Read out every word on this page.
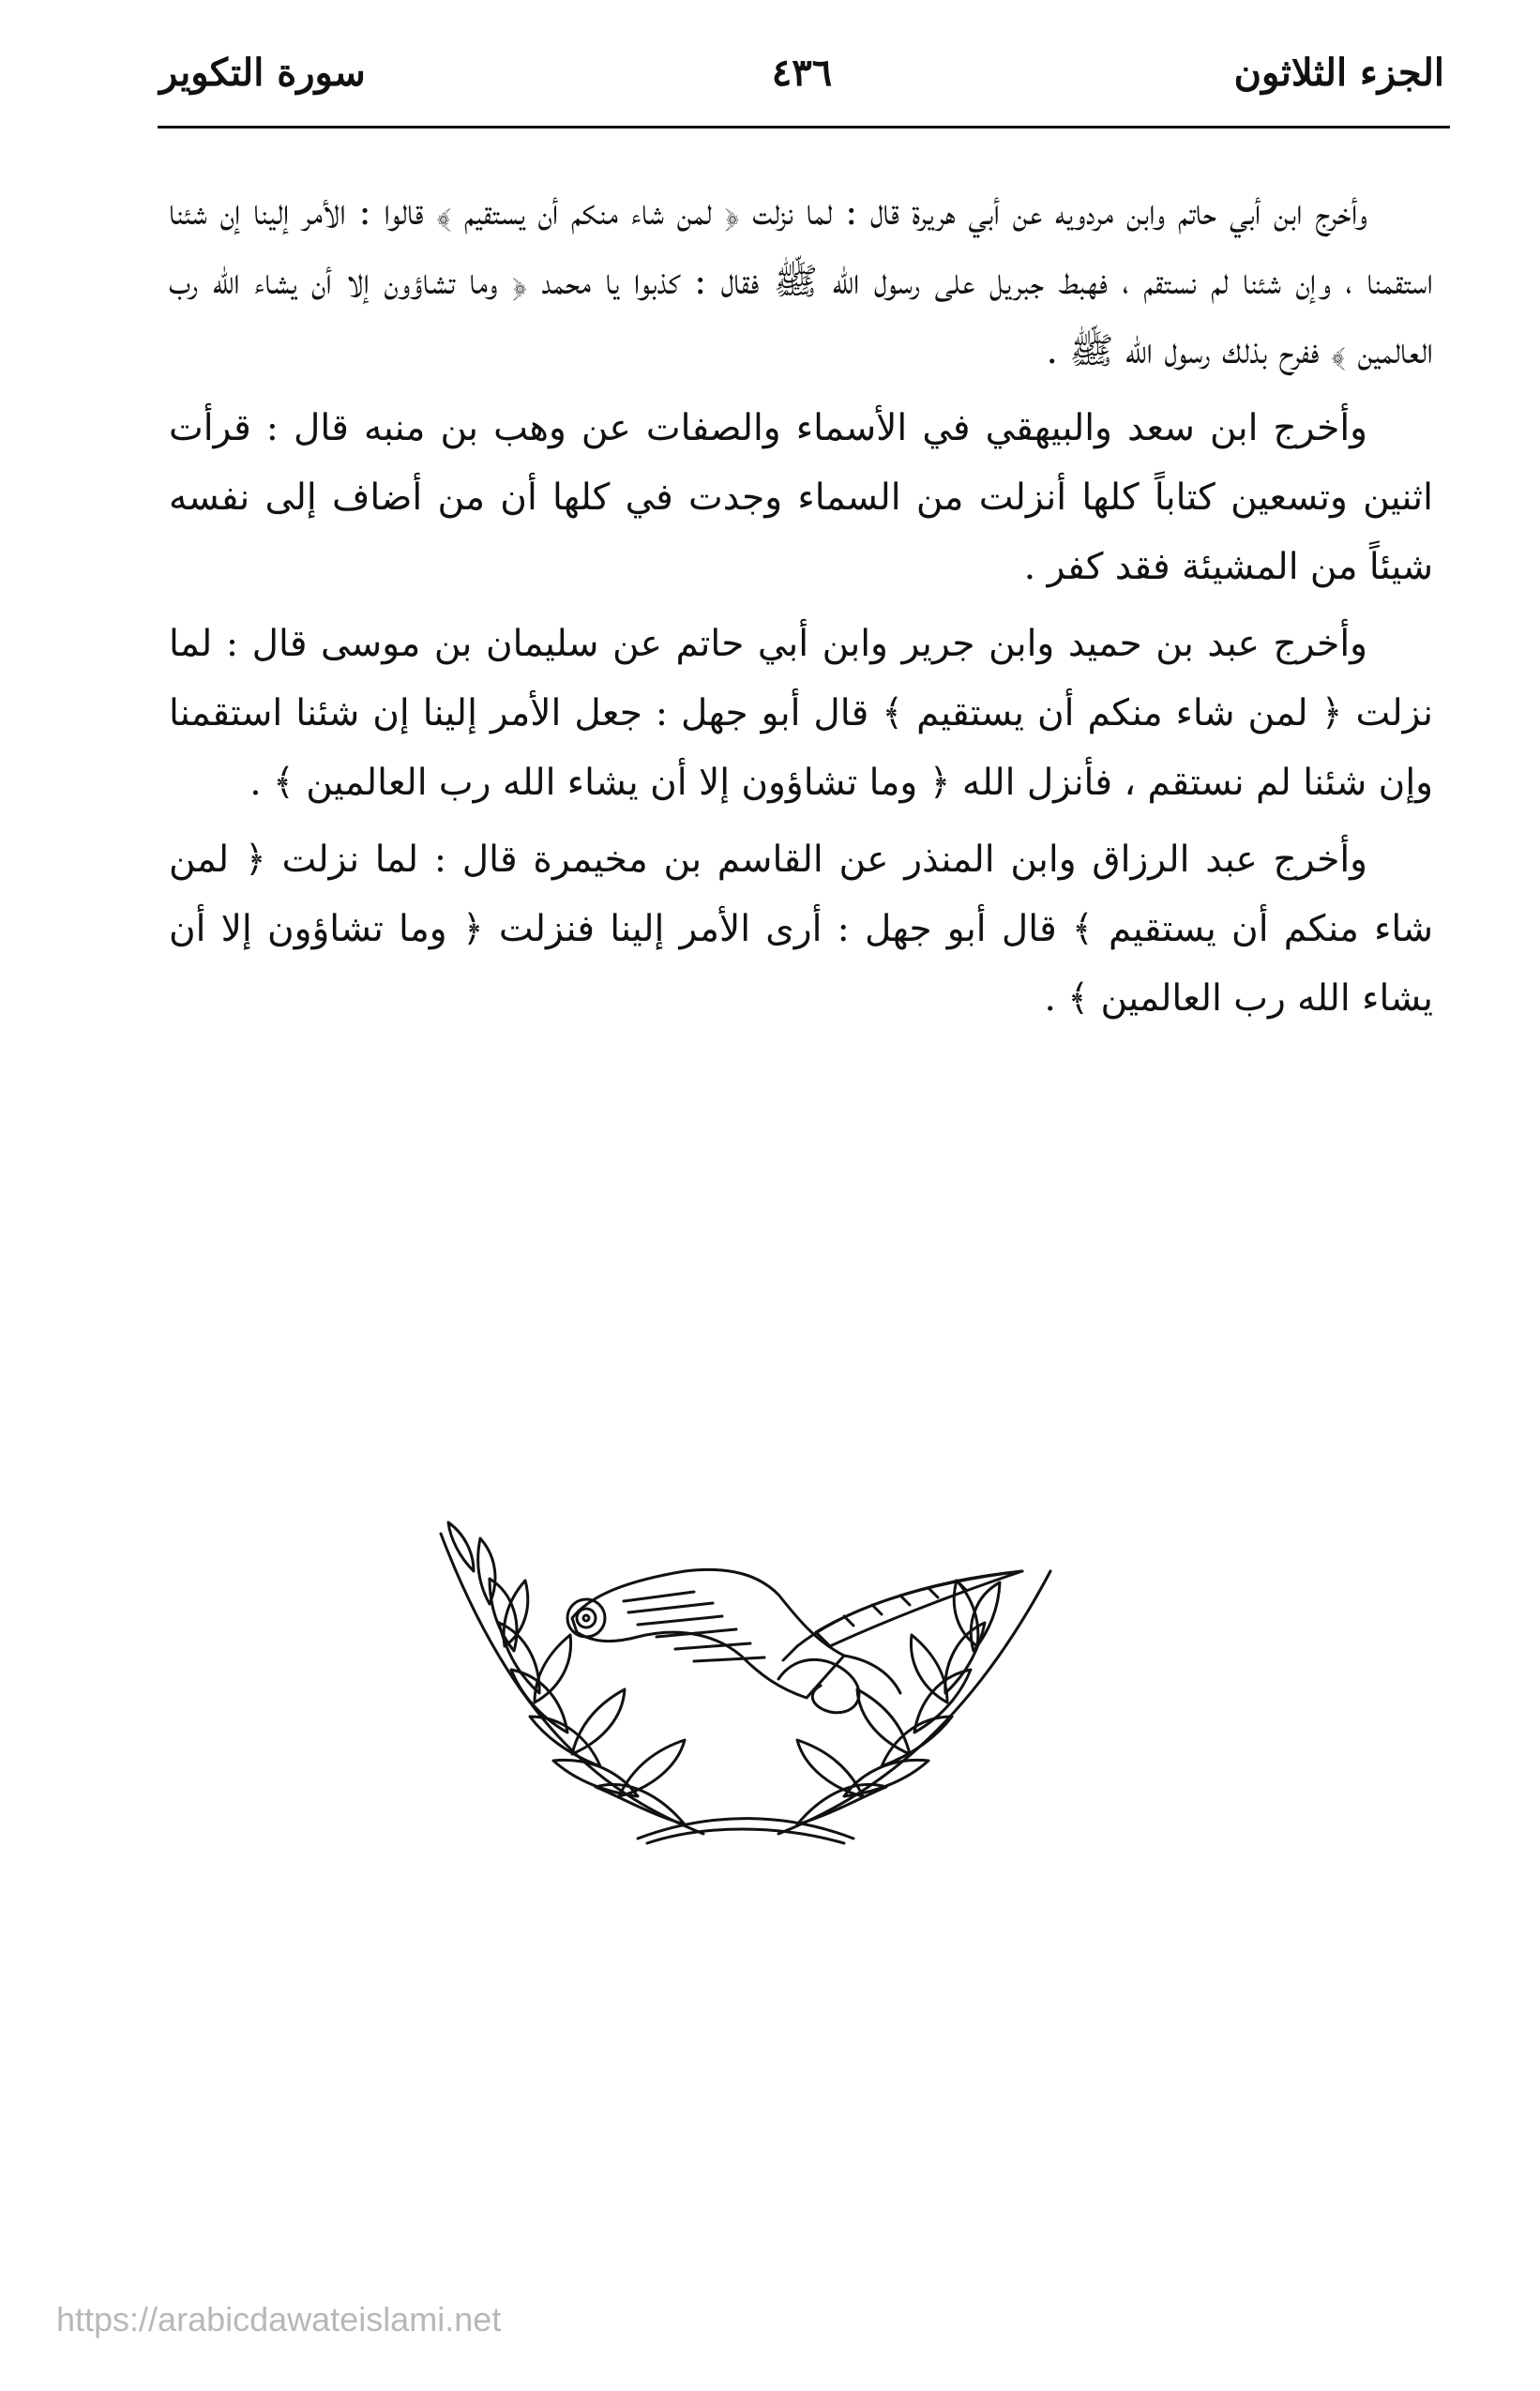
الجزء الثلاثون
٤٣٦
سورة التكوير

وأخرج ابن أبي حاتم وابن مردويه عن أبي هريرة قال : لما نزلت ﴿ لمن شاء منكم أن يستقيم ﴾ قالوا : الأمر إلينا إن شئنا استقمنا ، وإن شئنا لم نستقم ، فهبط جبريل على رسول الله ﷺ فقال : كذبوا يا محمد ﴿ وما تشاؤون إلا أن يشاء الله رب العالمين ﴾ ففرح بذلك رسول الله ﷺ .

وأخرج ابن سعد والبيهقي في الأسماء والصفات عن وهب بن منبه قال : قرأت اثنين وتسعين كتاباً كلها أنزلت من السماء وجدت في كلها أن من أضاف إلى نفسه شيئاً من المشيئة فقد كفر .

وأخرج عبد بن حميد وابن جرير وابن أبي حاتم عن سليمان بن موسى قال : لما نزلت ﴿ لمن شاء منكم أن يستقيم ﴾ قال أبو جهل : جعل الأمر إلينا إن شئنا استقمنا وإن شئنا لم نستقم ، فأنزل الله ﴿ وما تشاؤون إلا أن يشاء الله رب العالمين ﴾ .

وأخرج عبد الرزاق وابن المنذر عن القاسم بن مخيمرة قال : لما نزلت ﴿ لمن شاء منكم أن يستقيم ﴾ قال أبو جهل : أرى الأمر إلينا فنزلت ﴿ وما تشاؤون إلا أن يشاء الله رب العالمين ﴾ .

https://arabicdawateislami.net
